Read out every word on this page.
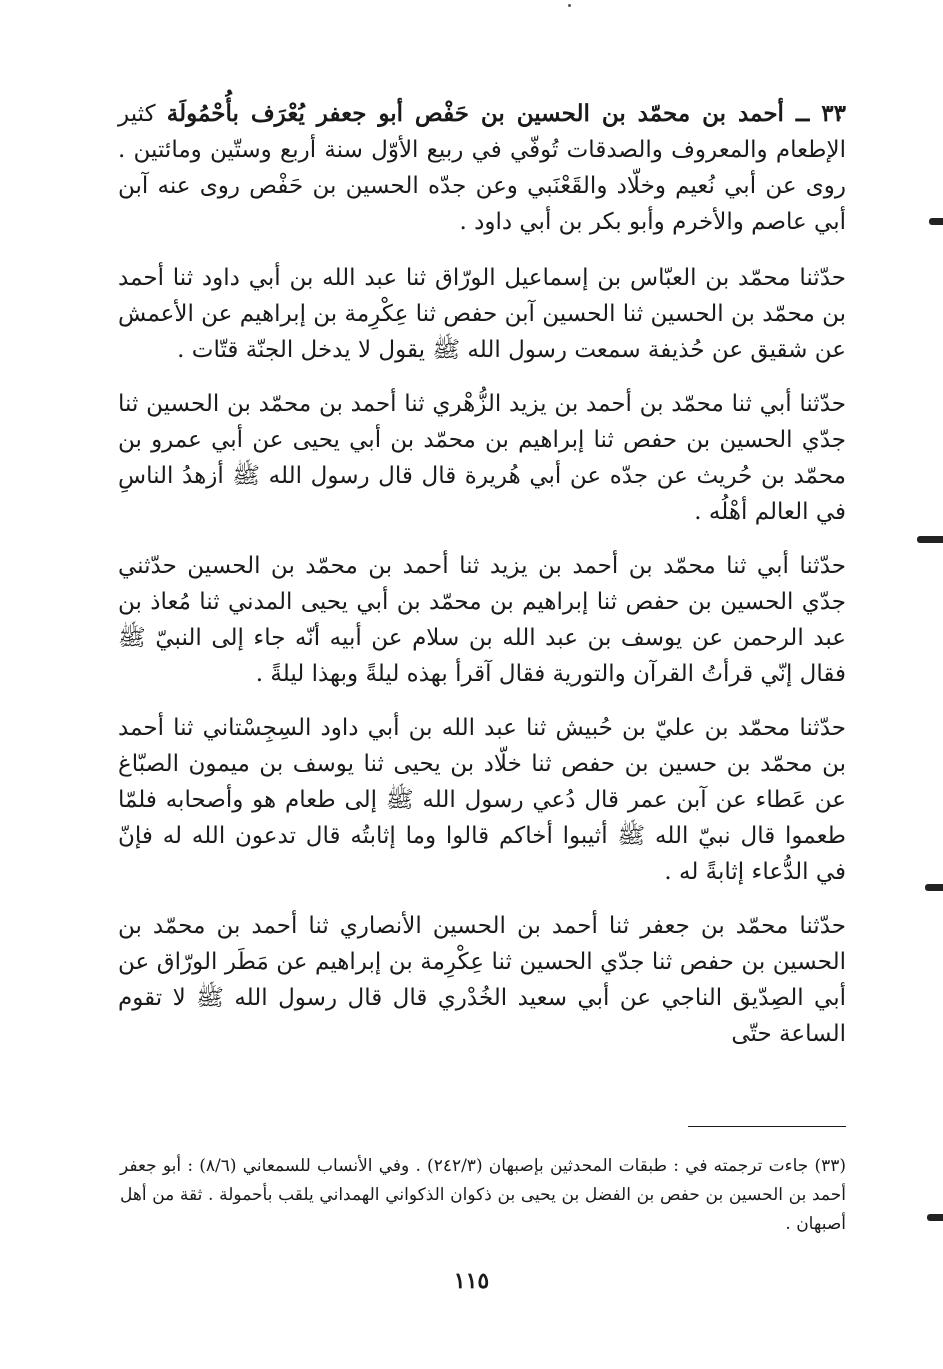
٣٣ ــ أحمد بن محمّد بن الحسين بن حَفْص أبو جعفر يُعْرَف بأُحْمُولَة كثير الإطعام والمعروف والصدقات تُوفّي في ربيع الأوّل سنة أربع وستّين ومائتين . روى عن أبي نُعيم وخلّاد والقَعْنَبي وعن جدّه الحسين بن حَفْص روى عنه آبن أبي عاصم والأخرم وأبو بكر بن أبي داود .

حدّثنا محمّد بن العبّاس بن إسماعيل الورّاق ثنا عبد الله بن أبي داود ثنا أحمد بن محمّد بن الحسين ثنا الحسين آبن حفص ثنا عِكْرِمة بن إبراهيم عن الأعمش عن شقيق عن حُذيفة سمعت رسول الله ﷺ يقول لا يدخل الجنّة قتّات .

حدّثنا أبي ثنا محمّد بن أحمد بن يزيد الزُّهْري ثنا أحمد بن محمّد بن الحسين ثنا جدّي الحسين بن حفص ثنا إبراهيم بن محمّد بن أبي يحيى عن أبي عمرو بن محمّد بن حُريث عن جدّه عن أبي هُريرة قال قال رسول الله ﷺ أزهدُ الناسِ في العالم أهْلُه .

حدّثنا أبي ثنا محمّد بن أحمد بن يزيد ثنا أحمد بن محمّد بن الحسين حدّثني جدّي الحسين بن حفص ثنا إبراهيم بن محمّد بن أبي يحيى المدني ثنا مُعاذ بن عبد الرحمن عن يوسف بن عبد الله بن سلام عن أبيه أنّه جاء إلى النبيّ ﷺ فقال إنّي قرأتُ القرآن والتورية فقال آقرأ بهذه ليلةً وبهذا ليلةً .

حدّثنا محمّد بن عليّ بن حُبيش ثنا عبد الله بن أبي داود السِجِسْتاني ثنا أحمد بن محمّد بن حسين بن حفص ثنا خلّاد بن يحيى ثنا يوسف بن ميمون الصبّاغ عن عَطاء عن آبن عمر قال دُعي رسول الله ﷺ إلى طعام هو وأصحابه فلمّا طعموا قال نبيّ الله ﷺ أثيبوا أخاكم قالوا وما إثابتُه قال تدعون الله له فإنّ في الدُّعاء إثابةً له .

حدّثنا محمّد بن جعفر ثنا أحمد بن الحسين الأنصاري ثنا أحمد بن محمّد بن الحسين بن حفص ثنا جدّي الحسين ثنا عِكْرِمة بن إبراهيم عن مَطَر الورّاق عن أبي الصِدّيق الناجي عن أبي سعيد الخُدْري قال قال رسول الله ﷺ لا تقوم الساعة حتّى

(٣٣) جاءت ترجمته في : طبقات المحدثين بإصبهان (٢٤٢/٣) . وفي الأنساب للسمعاني (٨/٦) : أبو جعفر أحمد بن الحسين بن حفص بن الفضل بن يحيى بن ذكوان الذكواني الهمداني يلقب بأحمولة . ثقة من أهل أصبهان .

١١٥
